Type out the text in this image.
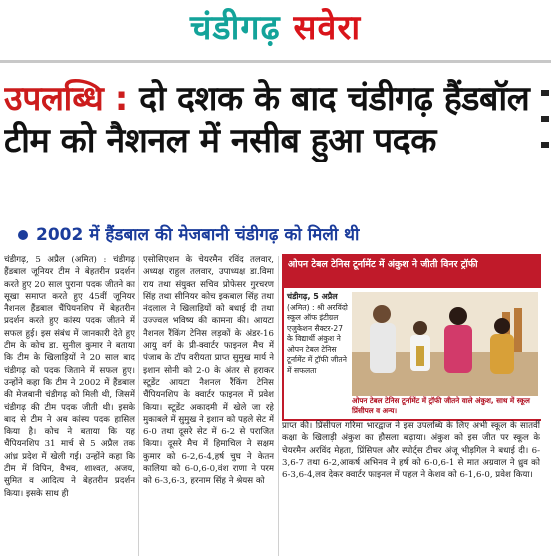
चंडीगढ़ सवेरा
उपलब्धि : दो दशक के बाद चंडीगढ़ हैंडबॉल
टीम को नैशनल में नसीब हुआ पदक
2002 में हैंडबाल की मेजबानी चंडीगढ़ को मिली थी
चंडीगढ़, 5 अप्रैल (अमित) : चंडीगढ़ हैंडबाल जूनियर टीम ने बेहतरीन प्रदर्शन करते हुए 20 साल पुराना पदक जीतने का सूखा समाप्त करते हुए 45वीं जूनियर नैशनल हैंडबाल चैंपियनशिप में बेहतरीन प्रदर्शन करते हुए कांस्य पदक जीतने में सफल हुई। इस संबंध में जानकारी देते हुए टीम के कोच डा. सुनील कुमार ने बताया कि टीम के खिलाड़ियों ने 20 साल बाद चंडीगढ़ को पदक जिताने में सफल हुए। उन्होंने कहा कि टीम ने 2002 में हैंडबाल की मेजबानी चंडीगढ़ को मिली थी, जिसमें चंडीगढ़ की टीम पदक जीती थी। इसके बाद से टीम ने अब कांस्य पदक हासिल किया है। कोच ने बताया कि यह चैंपियनशिप 31 मार्च से 5 अप्रैल तक आंध्र प्रदेश में खेली गई। उन्होंने कहा कि टीम में विपिन, वैभव, शाश्वत, अजय, सुमित व आदित्य ने बेहतरीन प्रदर्शन किया। इसके साथ ही
एसोसिएशन के चेयरमैन रविंद तलवार, अध्यक्ष राहुल तलवार, उपाध्यक्ष डा.विमा राय तथा संयुक्त सचिव प्रोफेसर गुरचरण सिंह तथा सीनियर कोच इकबाल सिंह तथा नंदलाल ने खिलाड़ियों को बधाई दी तथा उज्ज्वल भविष्य की कामना की। आयटा नैशनल रैंकिंग टेनिस लड़कों के अंडर-16 आयु वर्ग के प्री-क्वार्टर फाइनल मैच में पंजाब के टॉप वरीयता प्राप्त सुमुख मार्य ने इशान सोनी को 2-0 के अंतर से हराकर स्टूडेंट आयटा नैशनल रैंकिंग टेनिस चैंपियनशिप के क्वार्टर फाइनल में प्रवेश किया। स्टूडेंट अकादमी में खेले जा रहे मुकाबले में सुमुख ने इशान को पहले सेट में 6-0 तथा दूसरे सेट में 6-2 से पराजित किया। दूसरे मैच में हिमाचिल ने सक्षम कुमार को 6-2,6-4,हर्ष चुघ ने केतन कालिया को 6-0,6-0,वंश राणा ने परम को 6-3,6-3, हरनाम सिंह ने श्रेयस को
ओपन टेबल टेनिस टूर्नामेंट में अंकुश ने जीती विनर ट्रॉफी
चंडीगढ़, 5 अप्रैल
(अमित) : श्री अरविंदो स्कूल ऑफ इंटीग्रल एजुकेशन सैक्टर-27 के विद्यार्थी अंकुश ने ओपन टेबल टेनिस टूर्नामेंट में ट्रॉफी जीतने में सफलता
ओपन टेबल टेनिस टूर्नामेंट में ट्रॉफी जीतने वाले अंकुश, साथ में स्कूल प्रिंसीपल व अन्य।
प्राप्त की। प्रिंसीपल गरिमा भारद्वाज ने इस उपलब्धि के लिए अभी स्कूल के सातवीं कक्षा के खिलाड़ी अंकुश का हौसला बढ़ाया। अंकुश को इस जीत पर स्कूल के चेयरमैन अरविंद मेहता, प्रिंसिपल और स्पोर्ट्स टीचर अंजू भीड़गिल ने बधाई दी। 6-3,6-7 तथा 6-2,आकर्ष अभिनव ने हर्ष को 6-0,6-1 से मात अग्रवाल ने ध्रुव को 6-3,6-4,लव देकर क्वार्टर फाइनल में पहल ने केशव को 6-1,6-0, प्रवेश किया।
